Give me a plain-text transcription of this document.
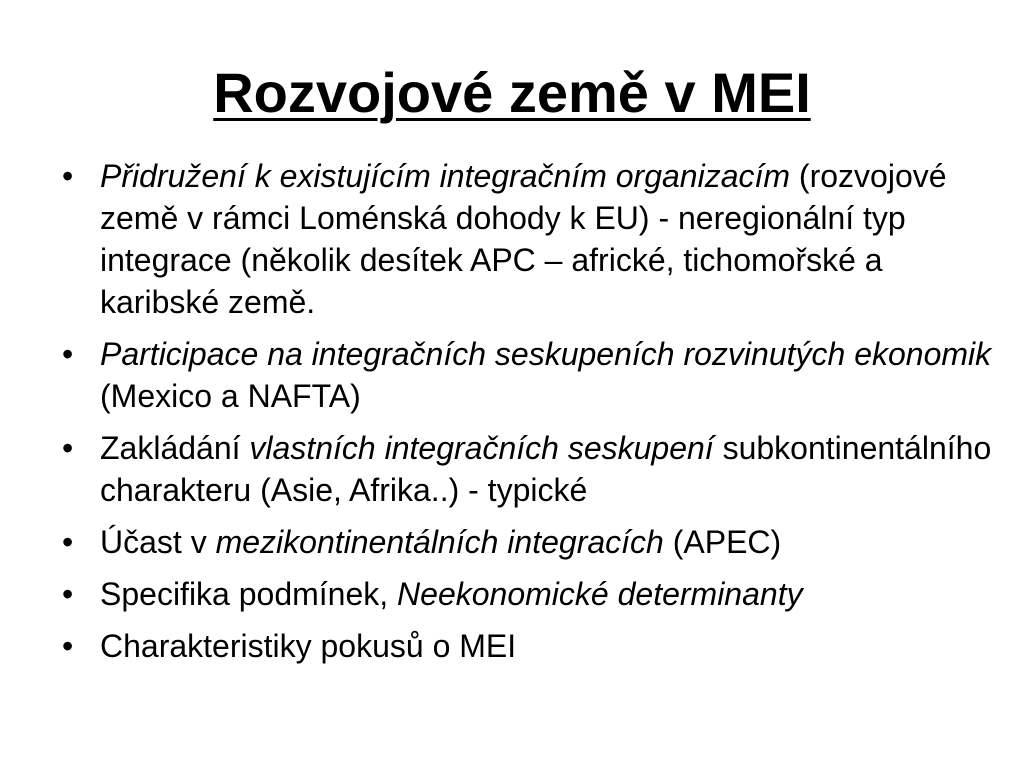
Rozvojové země v MEI
• Přidružení k existujícím integračním organizacím (rozvojové země v rámci Loménská dohody k EU) - neregionální typ integrace (několik desítek APC – africké, tichomořské a karibské země.
• Participace na integračních seskupeních rozvinutých ekonomik (Mexico a NAFTA)
• Zakládání vlastních integračních seskupení subkontinentálního charakteru (Asie, Afrika..) - typické
• Účast v mezikontinentálních integracích (APEC)
• Specifika podmínek, Neekonomické determinanty
• Charakteristiky pokusů o MEI
